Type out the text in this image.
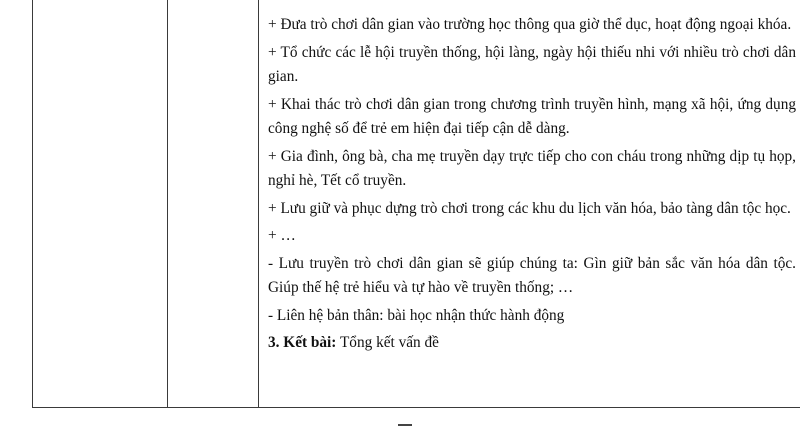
+ Đưa trò chơi dân gian vào trường học thông qua giờ thể dục, hoạt động ngoại khóa.

+ Tổ chức các lễ hội truyền thống, hội làng, ngày hội thiếu nhi với nhiều trò chơi dân gian.

+ Khai thác trò chơi dân gian trong chương trình truyền hình, mạng xã hội, ứng dụng công nghệ số để trẻ em hiện đại tiếp cận dễ dàng.

+ Gia đình, ông bà, cha mẹ truyền dạy trực tiếp cho con cháu trong những dịp tụ họp, nghỉ hè, Tết cổ truyền.

+ Lưu giữ và phục dựng trò chơi trong các khu du lịch văn hóa, bảo tàng dân tộc học.

+ …

- Lưu truyền trò chơi dân gian sẽ giúp chúng ta: Gìn giữ bản sắc văn hóa dân tộc. Giúp thế hệ trẻ hiểu và tự hào về truyền thống; …

- Liên hệ bản thân: bài học nhận thức hành động

3. Kết bài: Tổng kết vấn đề
